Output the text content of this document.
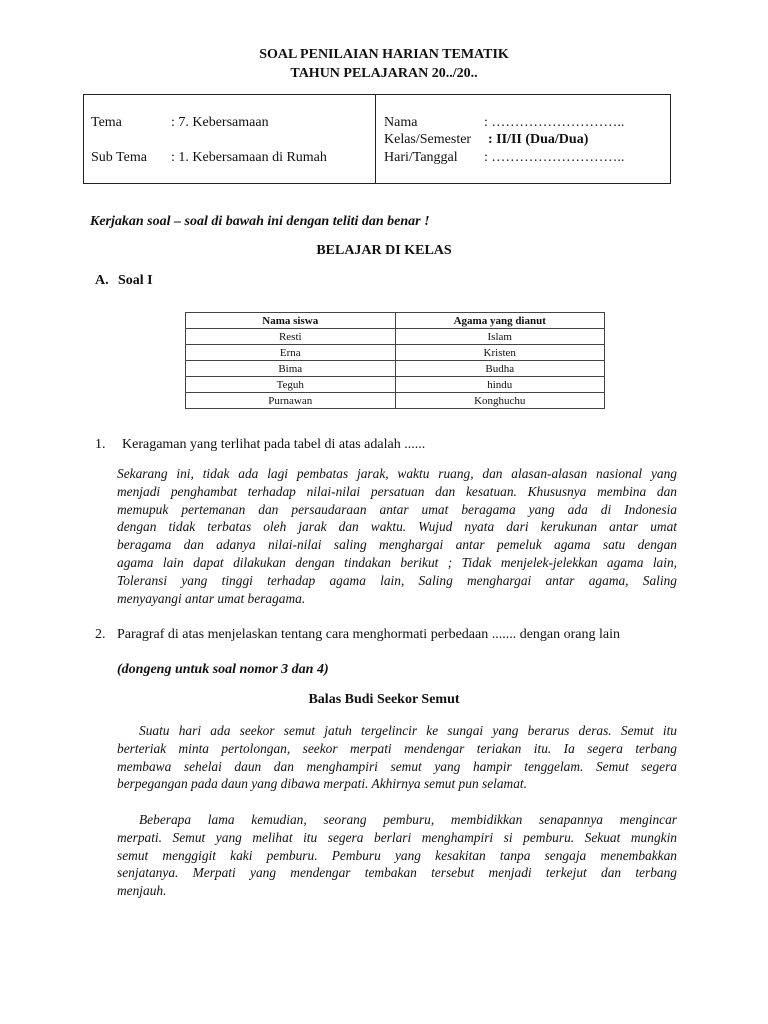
SOAL PENILAIAN HARIAN TEMATIK
TAHUN PELAJARAN 20../20..
Tema	: 7. Kebersamaan
Sub Tema : 1. Kebersamaan di Rumah
Nama	: ………………………..
Kelas/Semester : II/II (Dua/Dua)
Hari/Tanggal : ………………………..
Kerjakan soal – soal di bawah ini dengan teliti dan benar !
BELAJAR DI KELAS
A. Soal I
Nama siswa	Agama yang dianut
Resti	Islam
Erna	Kristen
Bima	Budha
Teguh	hindu
Purnawan	Konghuchu
1. Keragaman yang terlihat pada tabel di atas adalah ......
Sekarang ini, tidak ada lagi pembatas jarak, waktu ruang, dan alasan-alasan nasional yang
menjadi penghambat terhadap nilai-nilai persatuan dan kesatuan. Khususnya membina dan
memupuk pertemanan dan persaudaraan antar umat beragama yang ada di Indonesia
dengan tidak terbatas oleh jarak dan waktu. Wujud nyata dari kerukunan antar umat
beragama dan adanya nilai-nilai saling menghargai antar pemeluk agama satu dengan
agama lain dapat dilakukan dengan tindakan berikut ; Tidak menjelek-jelekkan agama lain,
Toleransi yang tinggi terhadap agama lain, Saling menghargai antar agama, Saling
menyayangi antar umat beragama.
2. Paragraf di atas menjelaskan tentang cara menghormati perbedaan ....... dengan orang lain
(dongeng untuk soal nomor 3 dan 4)
Balas Budi Seekor Semut
Suatu hari ada seekor semut jatuh tergelincir ke sungai yang berarus deras. Semut itu
berteriak minta pertolongan, seekor merpati mendengar teriakan itu. Ia segera terbang
membawa sehelai daun dan menghampiri semut yang hampir tenggelam. Semut segera
berpegangan pada daun yang dibawa merpati. Akhirnya semut pun selamat.
Beberapa lama kemudian, seorang pemburu, membidikkan senapannya mengincar
merpati. Semut yang melihat itu segera berlari menghampiri si pemburu. Sekuat mungkin
semut menggigit kaki pemburu. Pemburu yang kesakitan tanpa sengaja menembakkan
senjatanya. Merpati yang mendengar tembakan tersebut menjadi terkejut dan terbang
menjauh.
